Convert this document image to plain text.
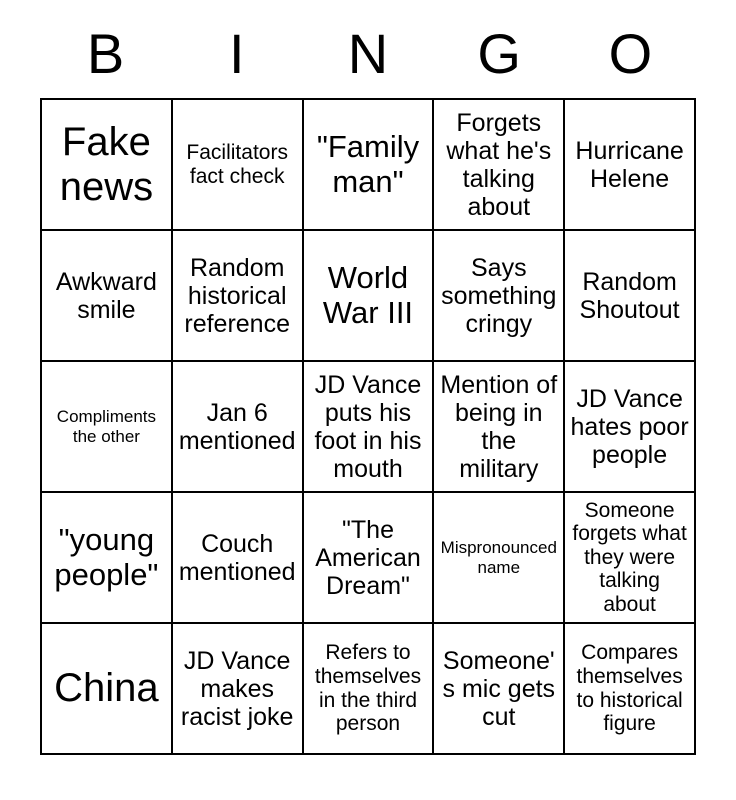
B I N G O
Fake news
Facilitators fact check
"Family man"
Forgets what he's talking about
Hurricane Helene
Awkward smile
Random historical reference
World War III
Says something cringy
Random Shoutout
Compliments the other
Jan 6 mentioned
JD Vance puts his foot in his mouth
Mention of being in the military
JD Vance hates poor people
"young people"
Couch mentioned
"The American Dream"
Mispronounced name
Someone forgets what they were talking about
China
JD Vance makes racist joke
Refers to themselves in the third person
Someone's mic gets cut
Compares themselves to historical figure
